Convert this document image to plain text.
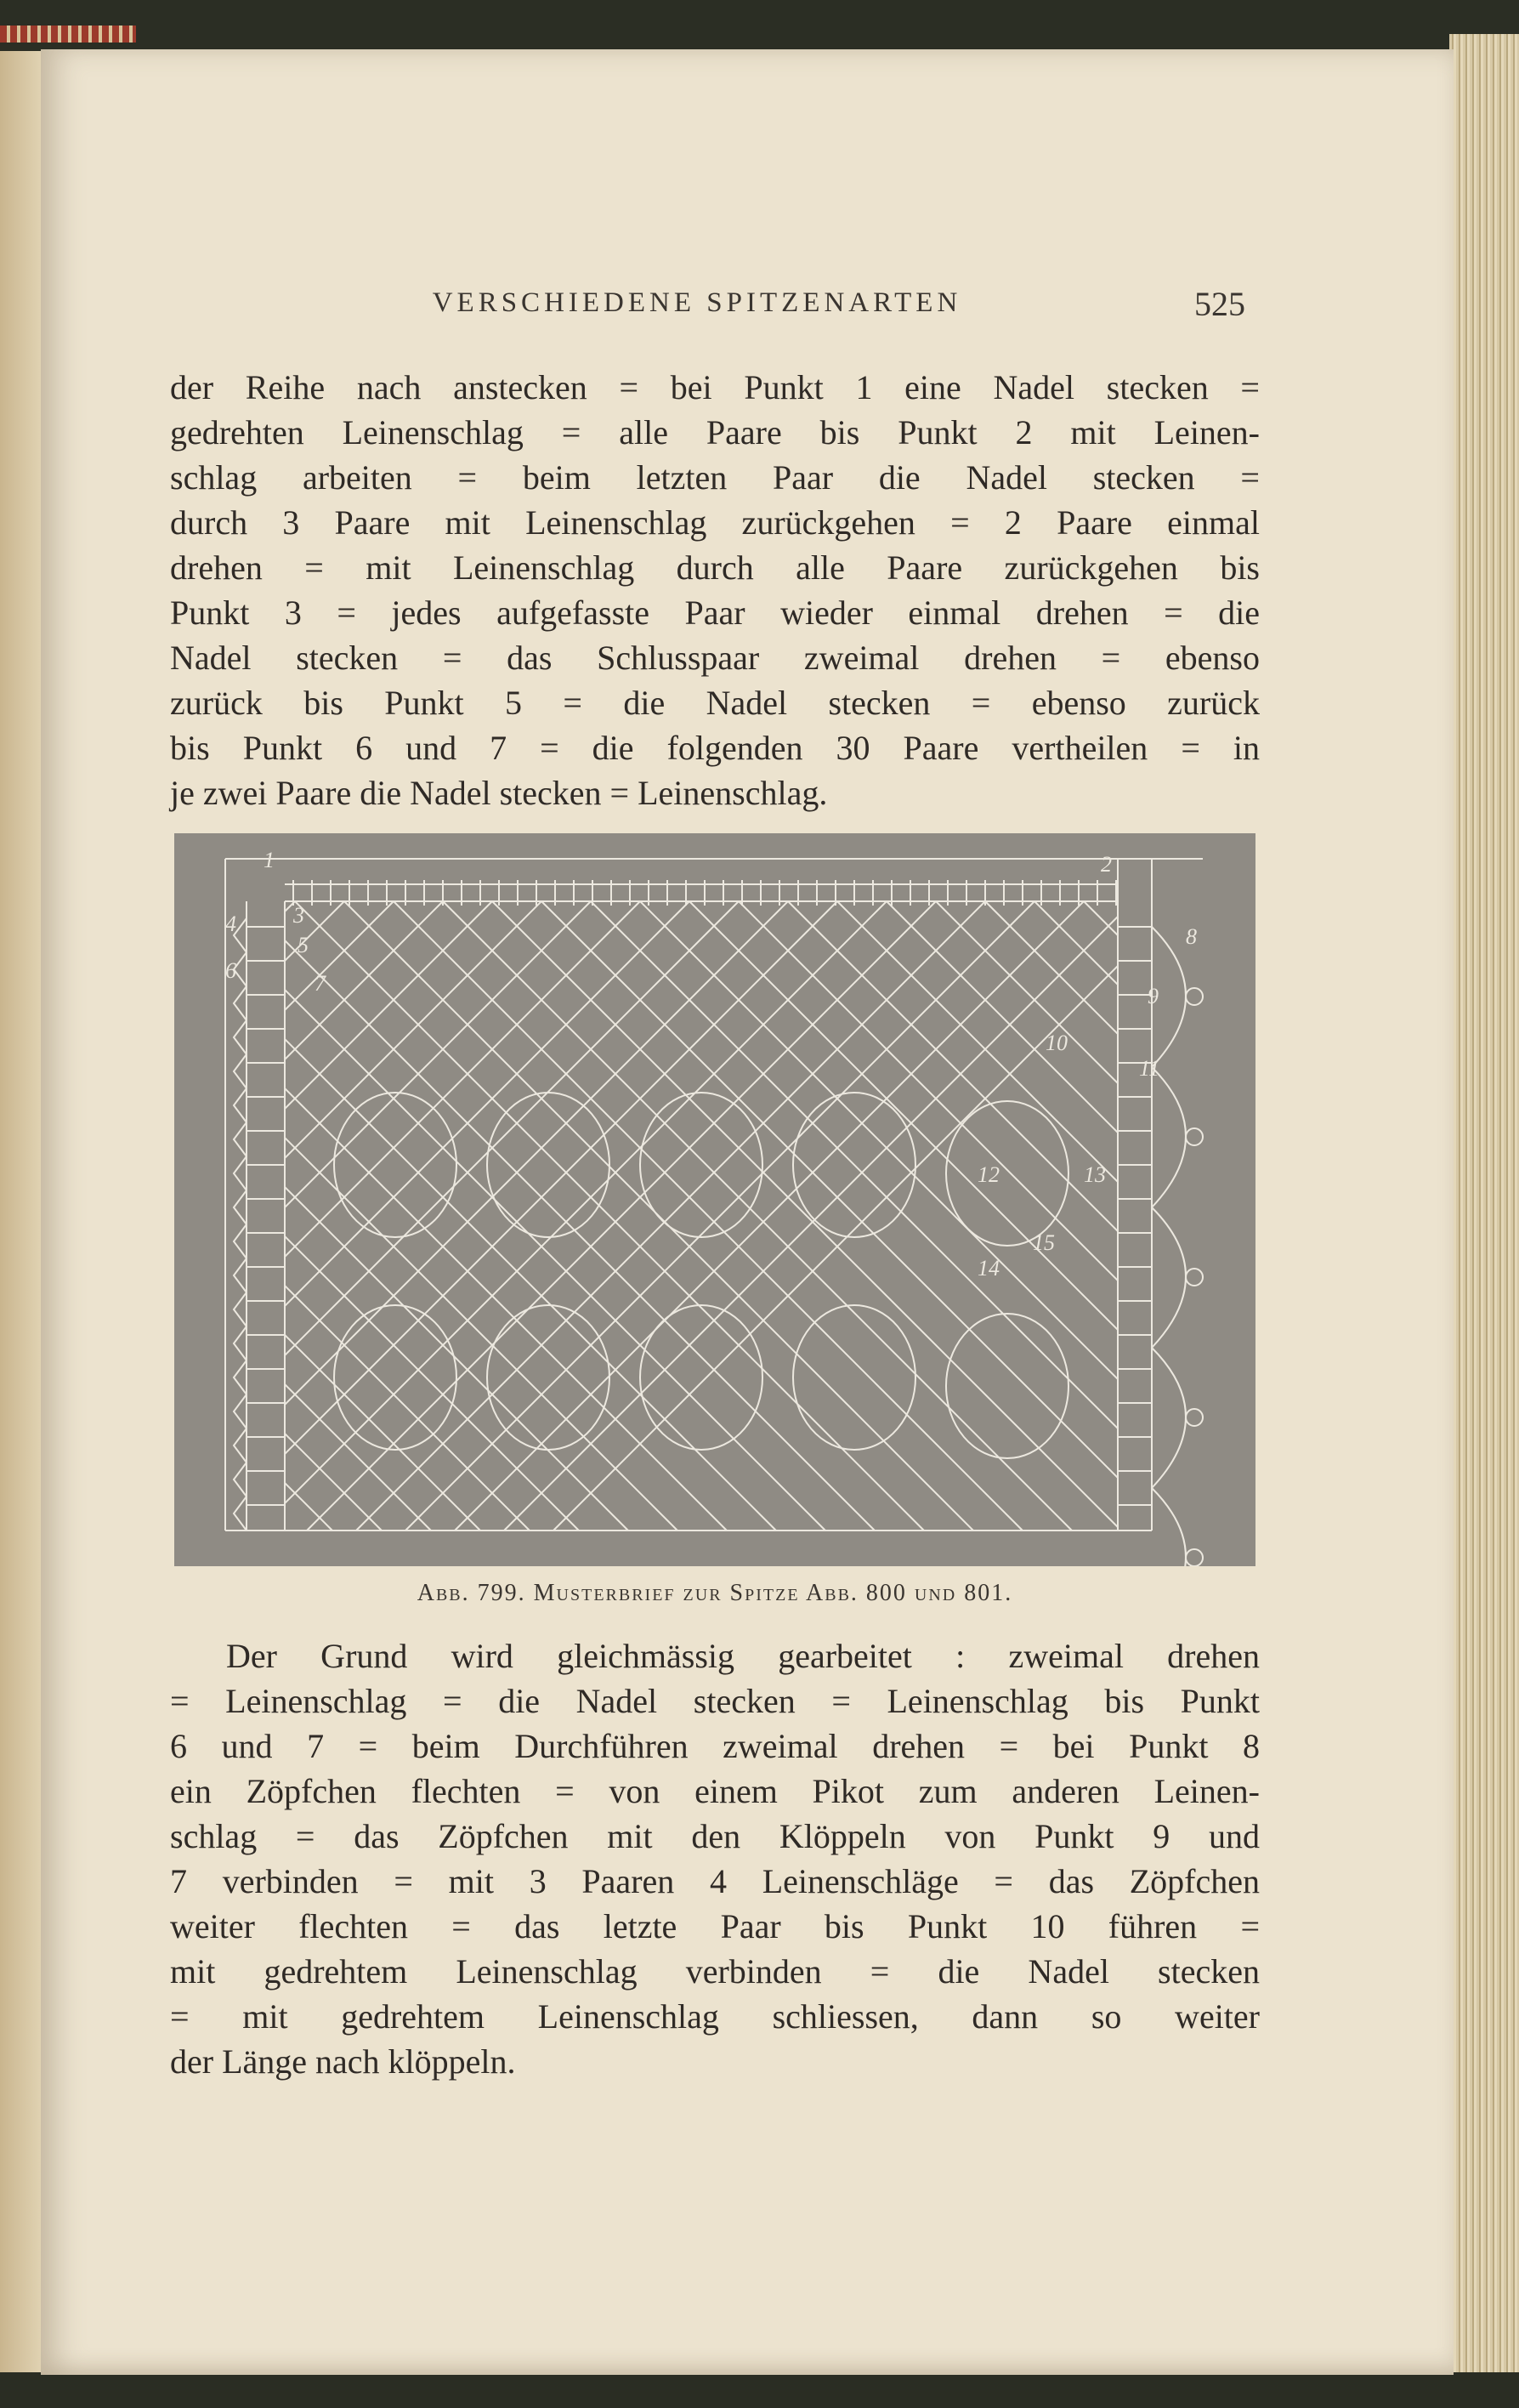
VERSCHIEDENE SPITZENARTEN	525
der Reihe nach anstecken = bei Punkt 1 eine Nadel stecken =
gedrehten Leinenschlag = alle Paare bis Punkt 2 mit Leinen-
schlag arbeiten = beim letzten Paar die Nadel stecken =
durch 3 Paare mit Leinenschlag zurückgehen = 2 Paare einmal
drehen = mit Leinenschlag durch alle Paare zurückgehen bis
Punkt 3 = jedes aufgefasste Paar wieder einmal drehen = die
Nadel stecken = das Schlusspaar zweimal drehen = ebenso
zurück bis Punkt 5 = die Nadel stecken = ebenso zurück
bis Punkt 6 und 7 = die folgenden 30 Paare vertheilen = in
je zwei Paare die Nadel stecken = Leinenschlag.
1	2
3
4
5
6
7
8
9
10
11
12	13
14
15
Abb. 799. Musterbrief zur Spitze Abb. 800 und 801.
Der Grund wird gleichmässig gearbeitet : zweimal drehen
= Leinenschlag = die Nadel stecken = Leinenschlag bis Punkt
6 und 7 = beim Durchführen zweimal drehen = bei Punkt 8
ein Zöpfchen flechten = von einem Pikot zum anderen Leinen-
schlag = das Zöpfchen mit den Klöppeln von Punkt 9 und
7 verbinden = mit 3 Paaren 4 Leinenschläge = das Zöpfchen
weiter flechten = das letzte Paar bis Punkt 10 führen =
mit gedrehtem Leinenschlag verbinden = die Nadel stecken
= mit gedrehtem Leinenschlag schliessen, dann so weiter
der Länge nach klöppeln.
